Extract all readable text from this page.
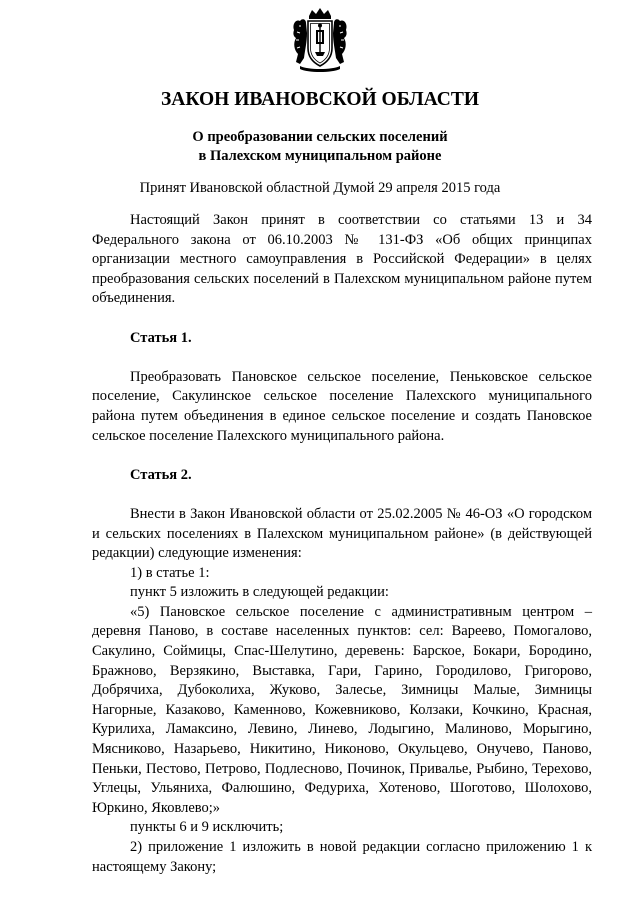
ЗАКОН ИВАНОВСКОЙ ОБЛАСТИ
О преобразовании сельских поселений
в Палехском муниципальном районе
Принят Ивановской областной Думой 29 апреля 2015 года

Настоящий Закон принят в соответствии со статьями 13 и 34 Федерального закона от 06.10.2003 № 131-ФЗ «Об общих принципах организации местного самоуправления в Российской Федерации» в целях преобразования сельских поселений в Палехском муниципальном районе путем объединения.

Статья 1.

Преобразовать Пановское сельское поселение, Пеньковское сельское поселение, Сакулинское сельское поселение Палехского муниципального района путем объединения в единое сельское поселение и создать Пановское сельское поселение Палехского муниципального района.

Статья 2.

Внести в Закон Ивановской области от 25.02.2005 № 46-ОЗ «О городском и сельских поселениях в Палехском муниципальном районе» (в действующей редакции) следующие изменения:

1) в статье 1:

пункт 5 изложить в следующей редакции:

«5) Пановское сельское поселение с административным центром – деревня Паново, в составе населенных пунктов: сел: Вареево, Помогалово, Сакулино, Соймицы, Спас-Шелутино, деревень: Барское, Бокари, Бородино, Бражново, Верзякино, Выставка, Гари, Гарино, Городилово, Григорово, Добрячиха, Дубоколиха, Жуково, Залесье, Зимницы Малые, Зимницы Нагорные, Казаково, Каменново, Кожевниково, Колзаки, Кочкино, Красная, Курилиха, Ламаксино, Левино, Линево, Лодыгино, Малиново, Морыгино, Мясниково, Назарьево, Никитино, Никоново, Окульцево, Онучево, Паново, Пеньки, Пестово, Петрово, Подлесново, Починок, Привалье, Рыбино, Терехово, Углецы, Ульяниха, Фалюшино, Федуриха, Хотеново, Шоготово, Шолохово, Юркино, Яковлево;»

пункты 6 и 9 исключить;

2) приложение 1 изложить в новой редакции согласно приложению 1 к настоящему Закону;
